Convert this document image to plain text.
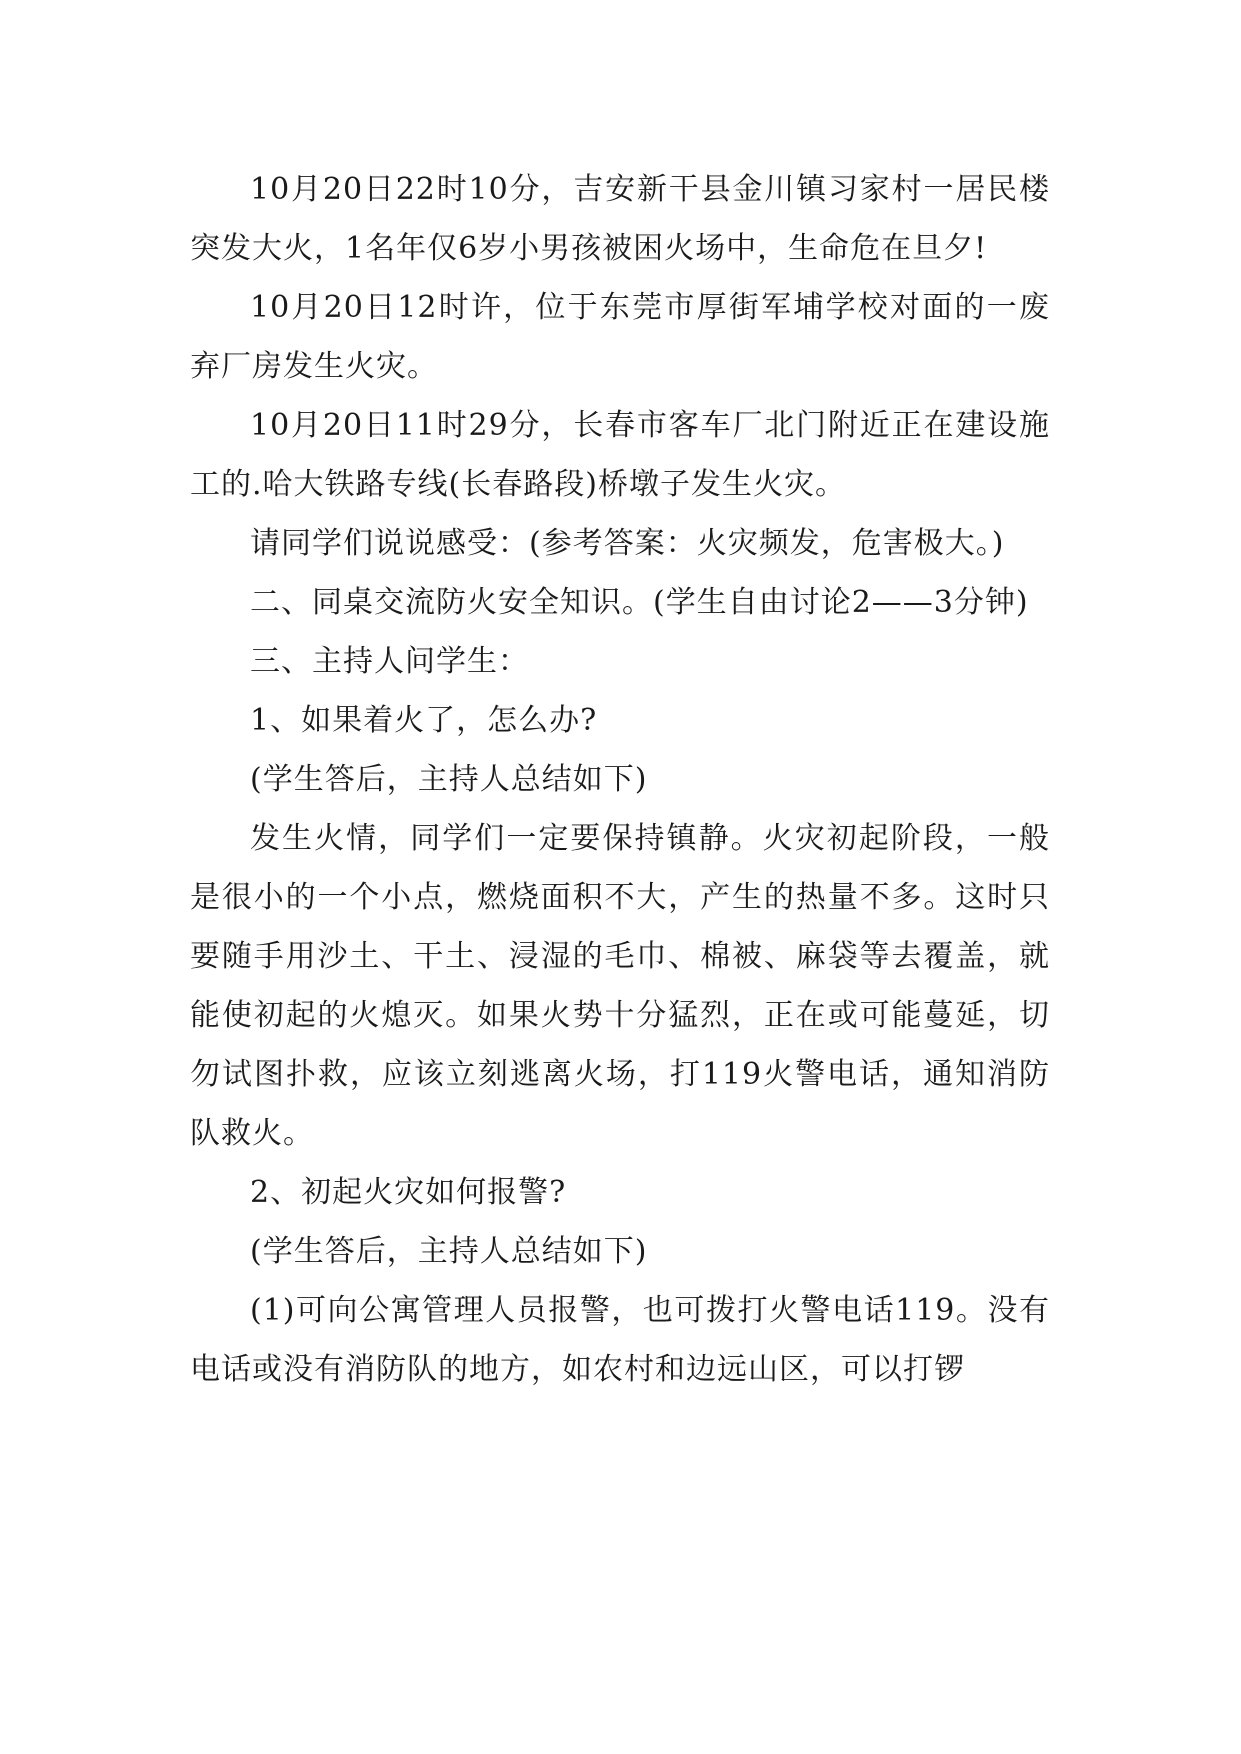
10月20日22时10分，吉安新干县金川镇习家村一居民楼突发大火，1名年仅6岁小男孩被困火场中，生命危在旦夕!

10月20日12时许，位于东莞市厚街军埔学校对面的一废弃厂房发生火灾。

10月20日11时29分，长春市客车厂北门附近正在建设施工的.哈大铁路专线(长春路段)桥墩子发生火灾。

请同学们说说感受：(参考答案：火灾频发，危害极大。)

二、同桌交流防火安全知识。(学生自由讨论2——3分钟)

三、主持人问学生：

1、如果着火了，怎么办?

(学生答后，主持人总结如下)

发生火情，同学们一定要保持镇静。火灾初起阶段，一般是很小的一个小点，燃烧面积不大，产生的热量不多。这时只要随手用沙土、干土、浸湿的毛巾、棉被、麻袋等去覆盖，就能使初起的火熄灭。如果火势十分猛烈，正在或可能蔓延，切勿试图扑救，应该立刻逃离火场，打119火警电话，通知消防队救火。

2、初起火灾如何报警?

(学生答后，主持人总结如下)

(1)可向公寓管理人员报警，也可拨打火警电话119。没有电话或没有消防队的地方，如农村和边远山区，可以打锣
